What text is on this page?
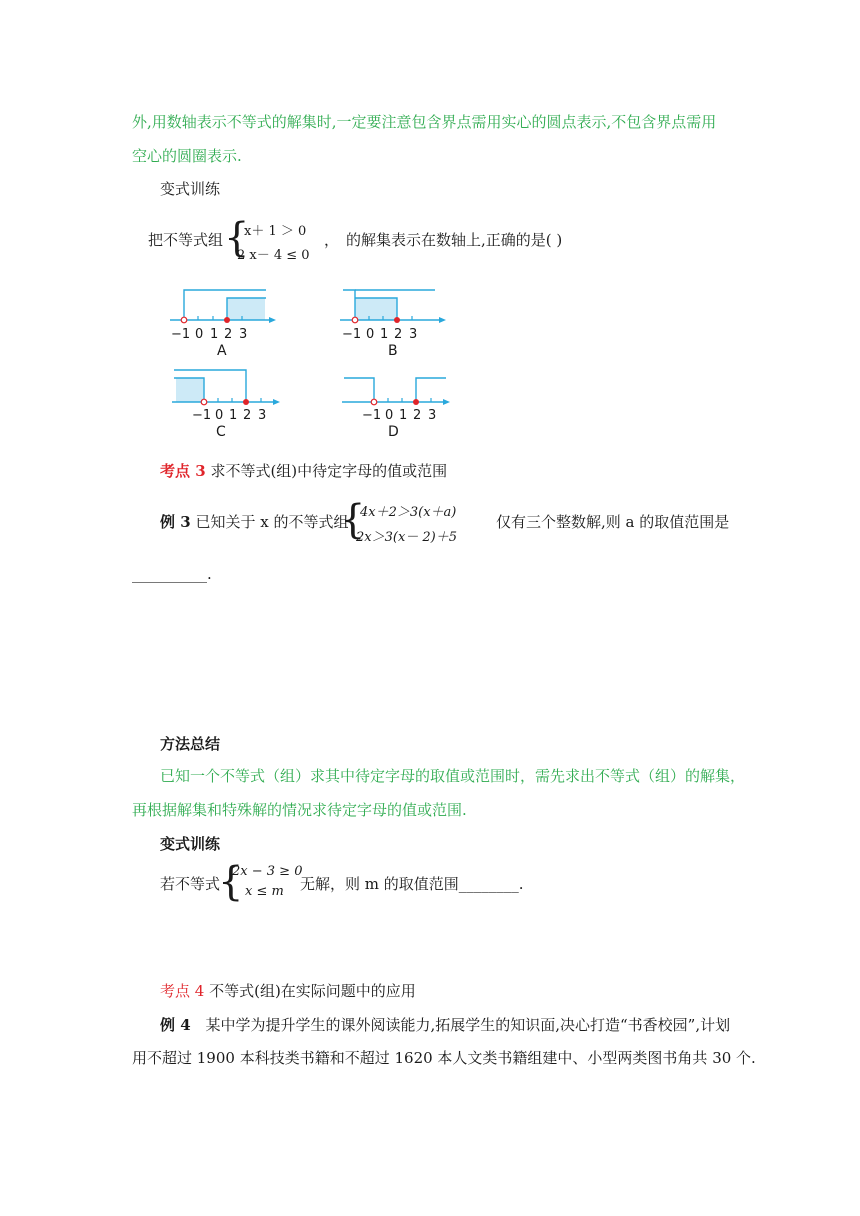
外,用数轴表示不等式的解集时,一定要注意包含界点需用实心的圆点表示,不包含界点需用
空心的圆圈表示.
变式训练
把不等式组 {
x＋ 1 ＞ 0
2 x－ 4 ≤ 0
， 的解集表示在数轴上,正确的是( )
−1 0 1 2 3
A
−1 0 1 2 3
B
−1 0 1 2 3
C
−1 0 1 2 3
D
考点 3 求不等式(组)中待定字母的值或范围
例 3 已知关于 x 的不等式组
{
4x＋2＞3(x＋a)
2x＞3(x－ 2)＋5
仅有三个整数解,则 a 的取值范围是
__________.
方法总结
已知一个不等式（组）求其中待定字母的取值或范围时，需先求出不等式（组）的解集，
再根据解集和特殊解的情况求待定字母的值或范围.
变式训练
若不等式
{
2x − 3 ≥ 0
x ≤ m 无解，则 m 的取值范围________.
考点 4 不等式(组)在实际问题中的应用
例 4 某中学为提升学生的课外阅读能力,拓展学生的知识面,决心打造“书香校园”,计划
用不超过 1900 本科技类书籍和不超过 1620 本人文类书籍组建中、小型两类图书角共 30 个.
